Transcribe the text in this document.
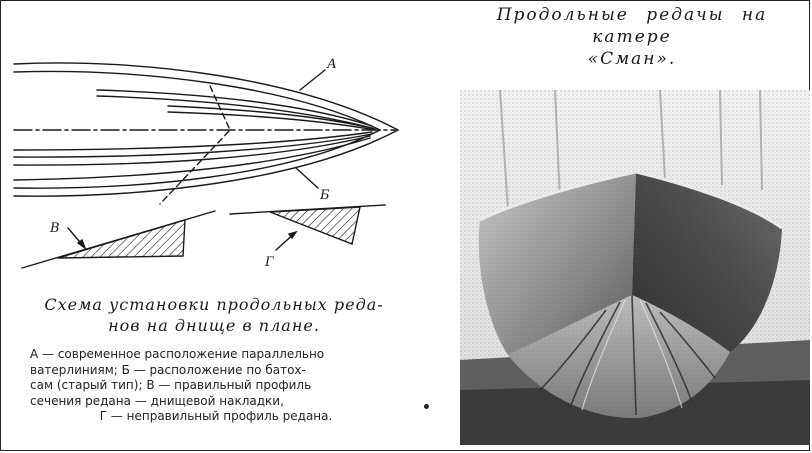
Продольные редачы на катере
«Сман».
А
Б
В
Г
Схема установки продольных реда-
нов на днище в плане.
А — современное расположение параллельно
ватерлиниям; Б — расположение по батох-
сам (старый тип); В — правильный профиль
сечения редана — днищевой накладки,
Г — неправильный профиль редана.
